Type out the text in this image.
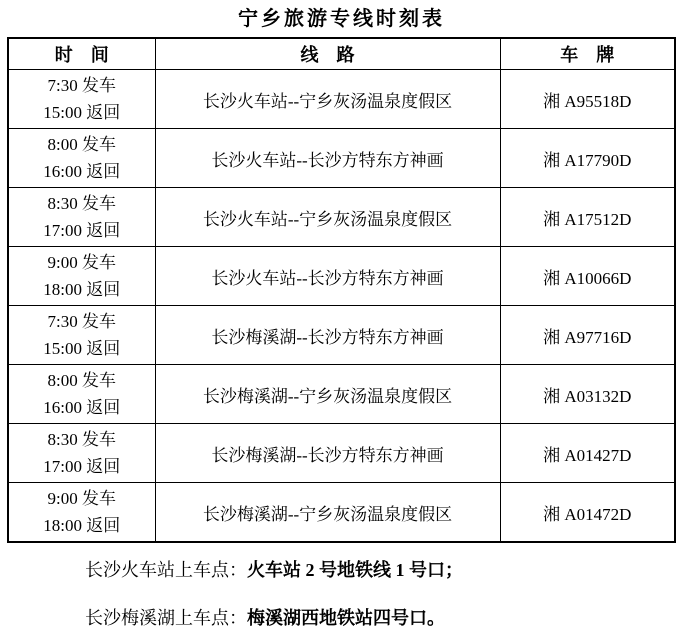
宁乡旅游专线时刻表
时　间	线　路	车　牌

7:30 发车
15:00 返回	长沙火车站--宁乡灰汤温泉度假区	湘 A95518D

8:00 发车
16:00 返回	长沙火车站--长沙方特东方神画	湘 A17790D

8:30 发车
17:00 返回	长沙火车站--宁乡灰汤温泉度假区	湘 A17512D

9:00 发车
18:00 返回	长沙火车站--长沙方特东方神画	湘 A10066D

7:30 发车
15:00 返回	长沙梅溪湖--长沙方特东方神画	湘 A97716D

8:00 发车
16:00 返回	长沙梅溪湖--宁乡灰汤温泉度假区	湘 A03132D

8:30 发车
17:00 返回	长沙梅溪湖--长沙方特东方神画	湘 A01427D

9:00 发车
18:00 返回	长沙梅溪湖--宁乡灰汤温泉度假区	湘 A01472D
长沙火车站上车点：火车站 2 号地铁线 1 号口；
长沙梅溪湖上车点：梅溪湖西地铁站四号口。
